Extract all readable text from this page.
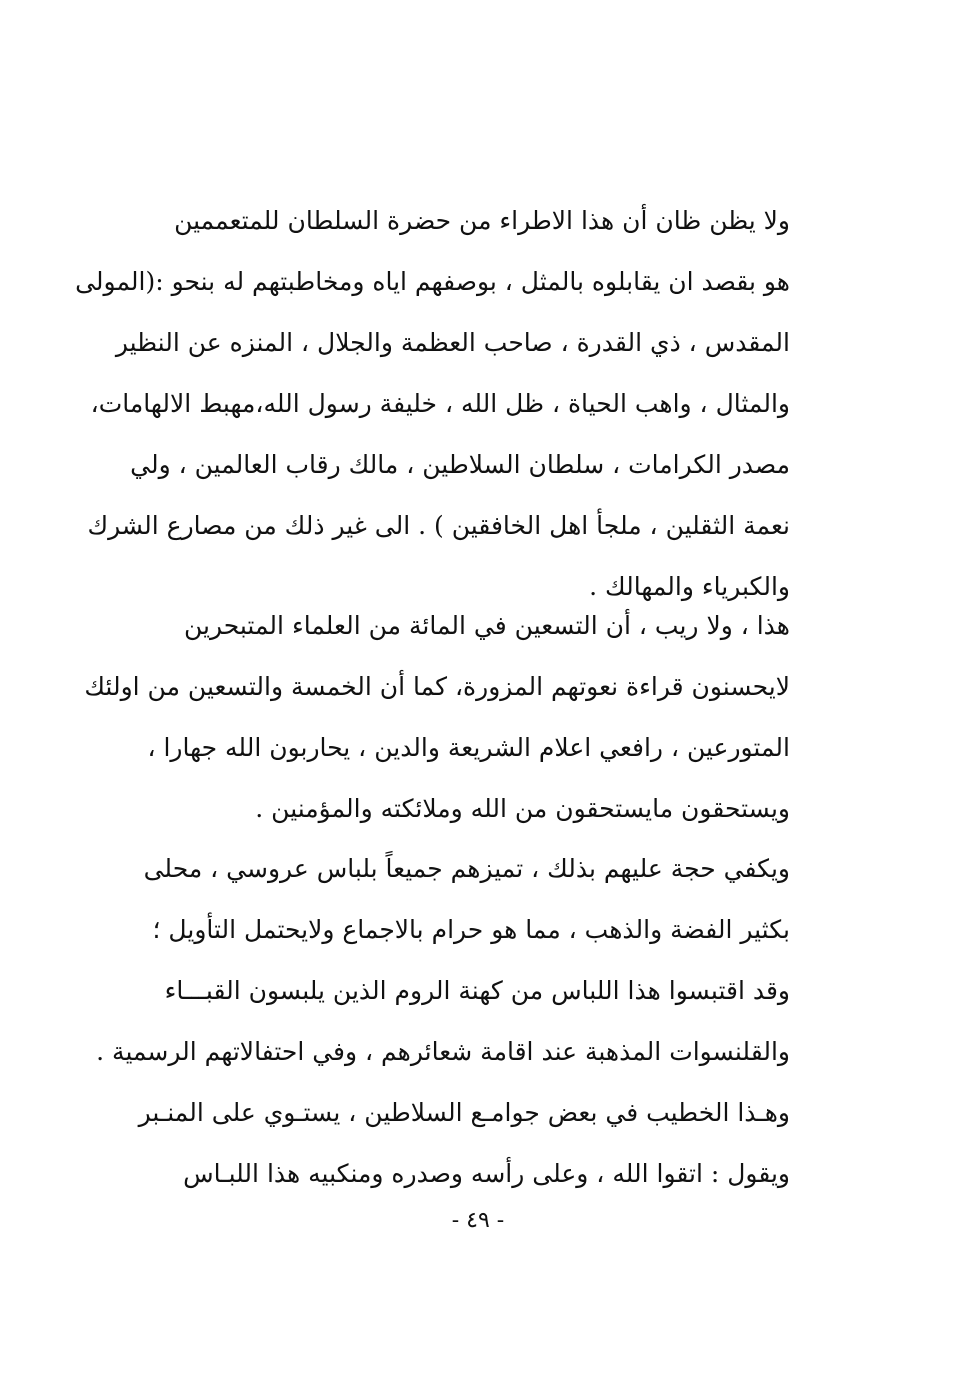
ولا يظن ظان أن هذا الاطراء من حضرة السلطان للمتعممين
هو بقصد ان يقابلوه بالمثل ، بوصفهم اياه ومخاطبتهم له بنحو :(المولى
المقدس ، ذي القدرة ، صاحب العظمة والجلال ، المنزه عن النظير
والمثال ، واهب الحياة ، ظل الله ، خليفة رسول الله،مهبط الالهامات،
مصدر الكرامات ، سلطان السلاطين ، مالك رقاب العالمين ، ولي
نعمة الثقلين ، ملجأ اهل الخافقين ) . الى غير ذلك من مصارع الشرك
والكبرياء والمهالك .
هذا ، ولا ريب ، أن التسعين في المائة من العلماء المتبحرين
لايحسنون قراءة نعوتهم المزورة، كما أن الخمسة والتسعين من اولئك
المتورعين ، رافعي اعلام الشريعة والدين ، يحاربون الله جهارا ،
ويستحقون مايستحقون من الله وملائكته والمؤمنين .
ويكفي حجة عليهم بذلك ، تميزهم جميعاً بلباس عروسي ، محلى
بكثير الفضة والذهب ، مما هو حرام بالاجماع ولايحتمل التأويل ؛
وقد اقتبسوا هذا اللباس من كهنة الروم الذين يلبسون القبـــاء
والقلنسوات المذهبة عند اقامة شعائرهم ، وفي احتفالاتهم الرسمية .
وهـذا الخطيب في بعض جوامـع السلاطين ، يستـوي على المنـبر
ويقول : اتقوا الله ، وعلى رأسه وصدره ومنكبيه هذا اللبـاس
- ٤٩ -
